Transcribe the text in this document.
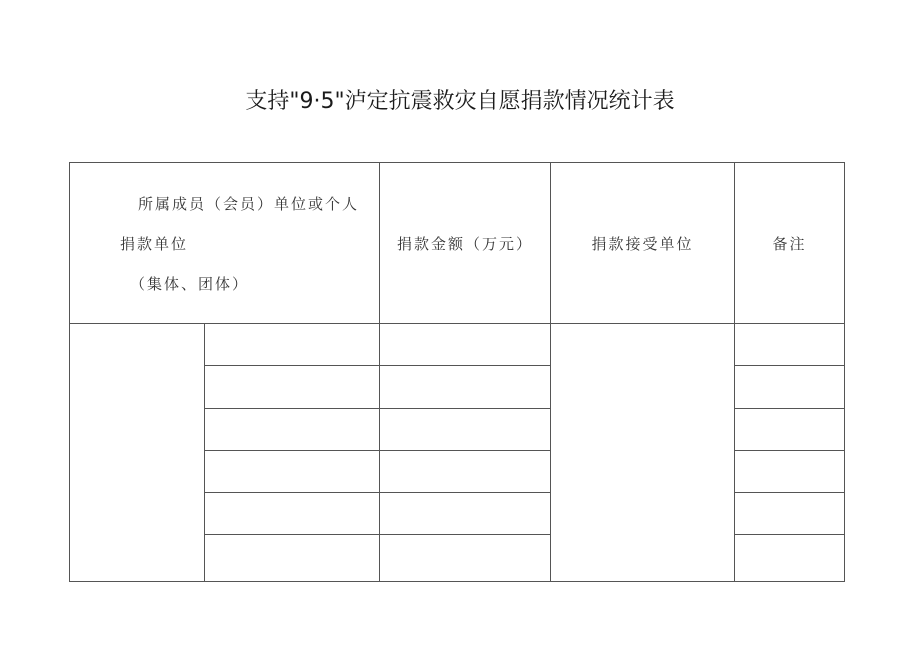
支持"9·5"泸定抗震救灾自愿捐款情况统计表
所属成员（会员）单位或个人
捐款单位
（集体、团体）		捐款金额（万元）	捐款接受单位	备注
